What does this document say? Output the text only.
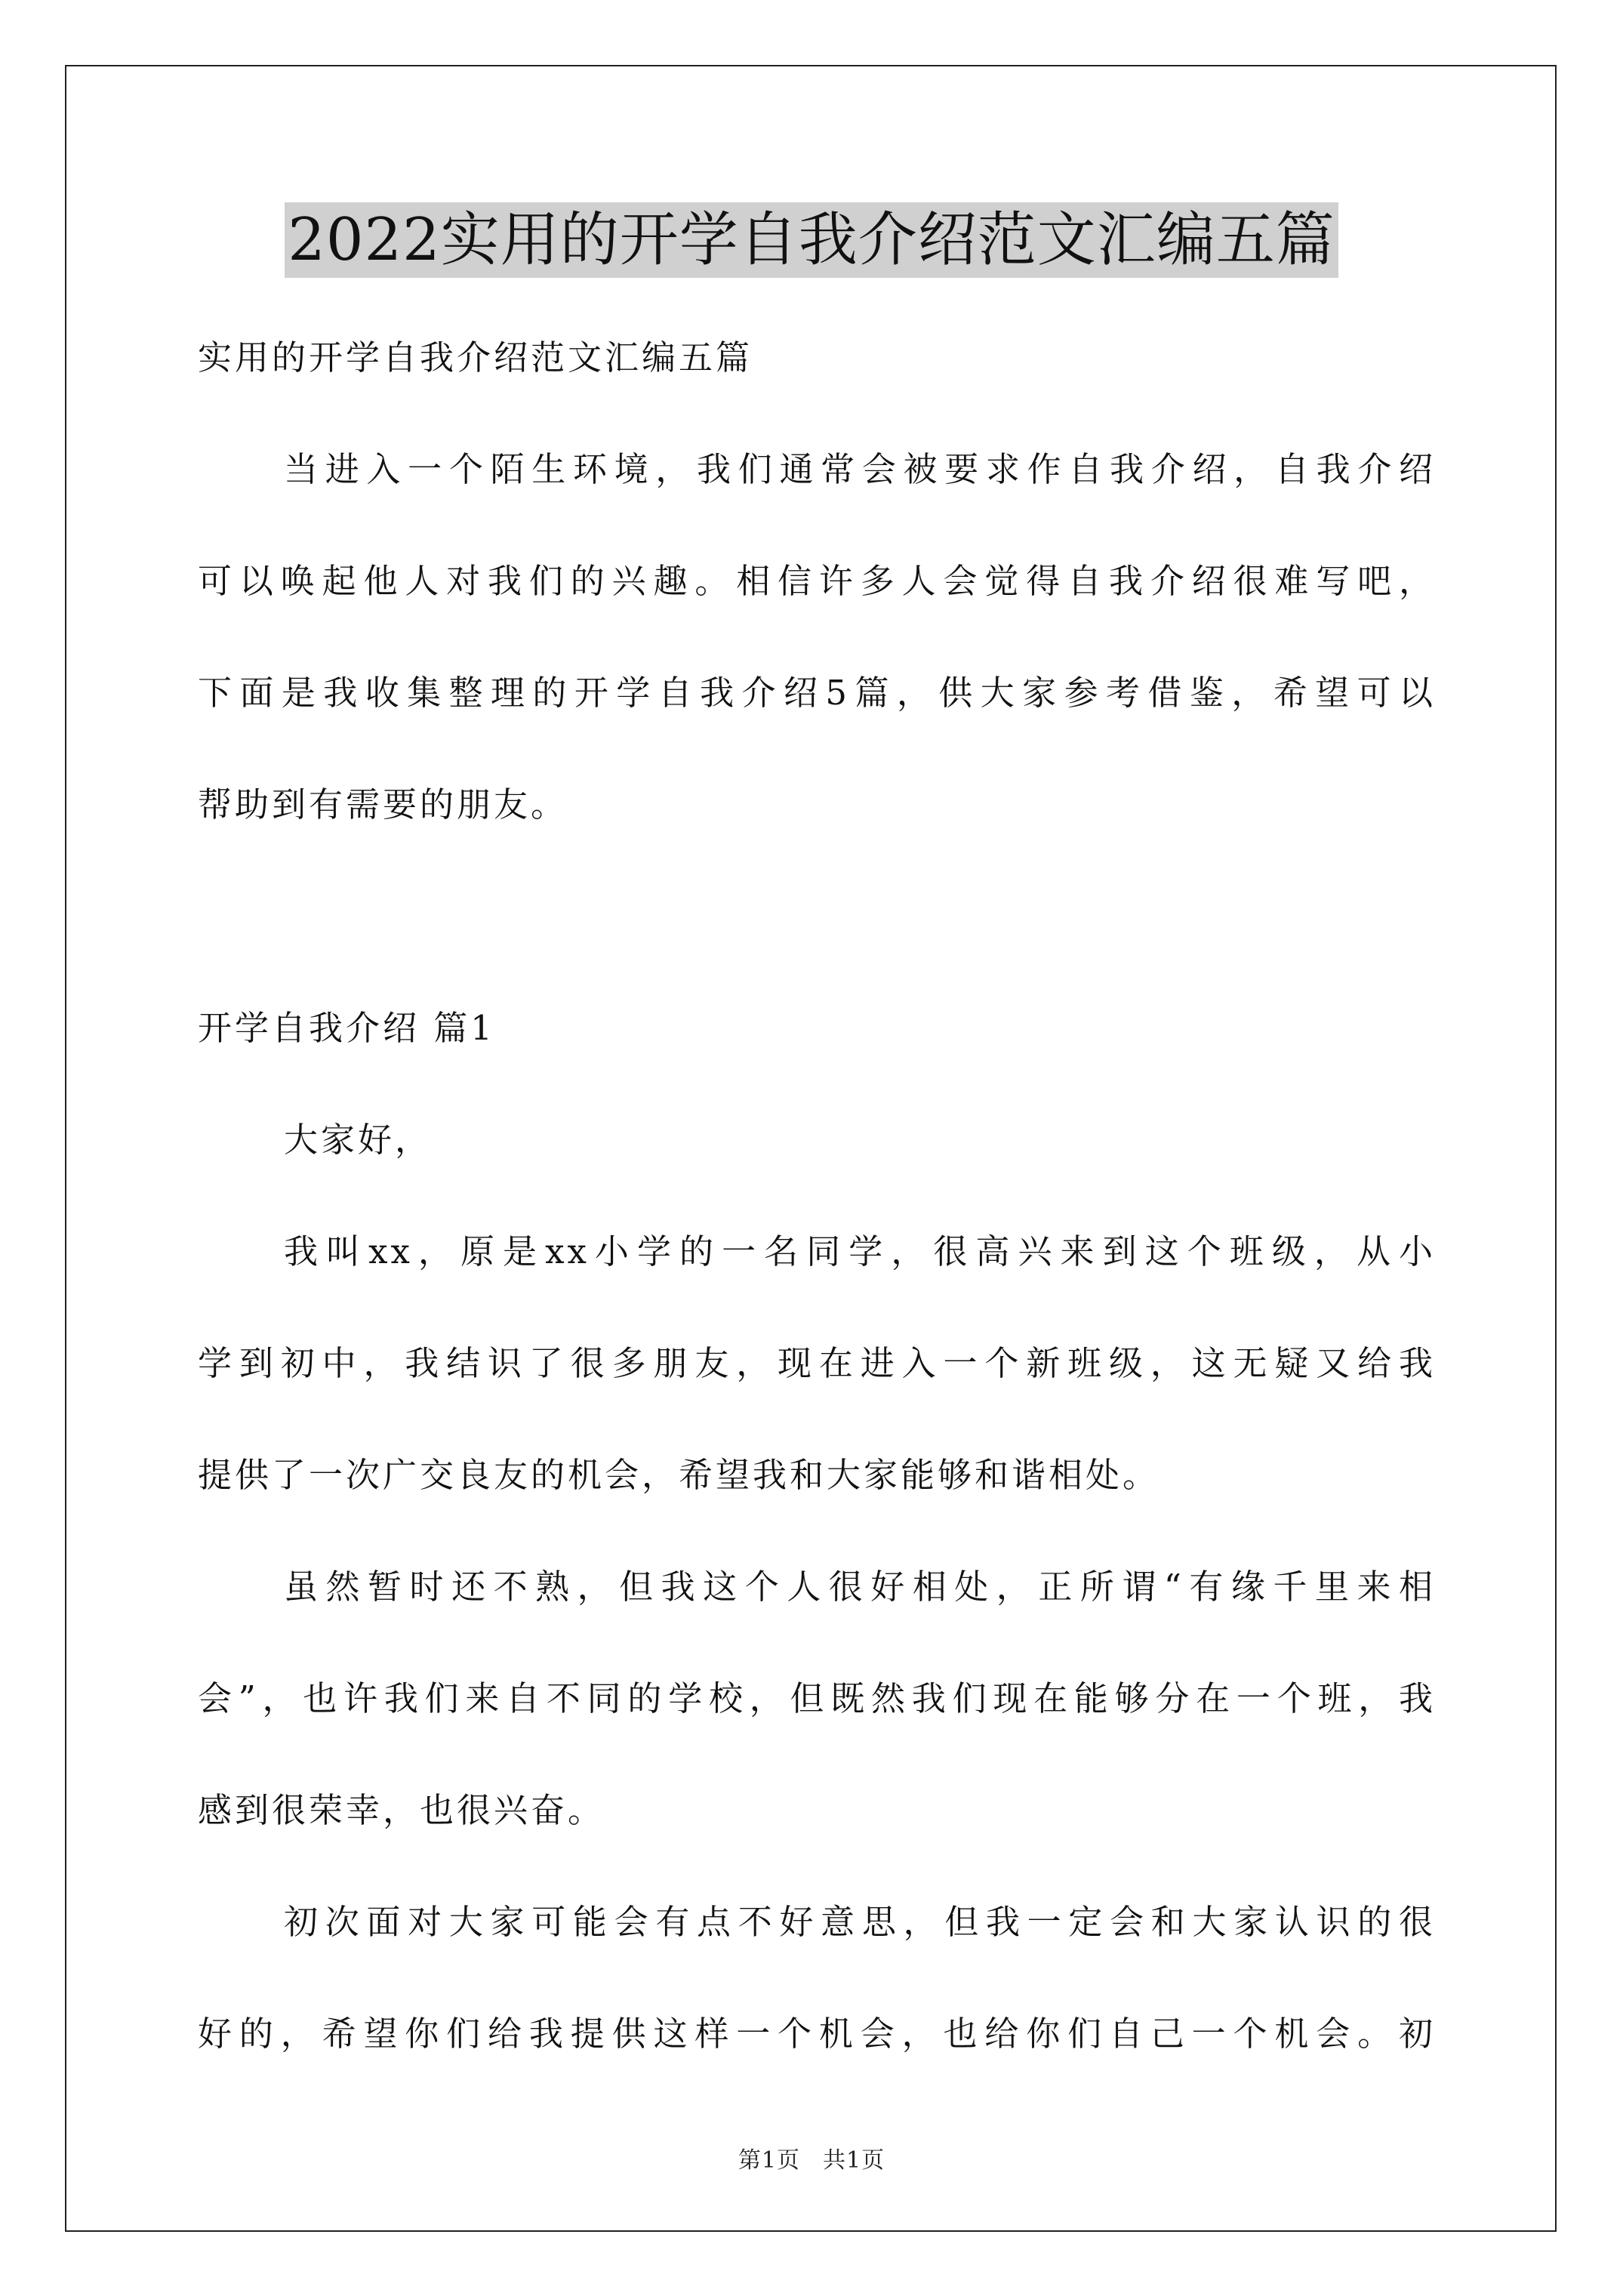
2022实用的开学自我介绍范文汇编五篇
实用的开学自我介绍范文汇编五篇
当进入一个陌生环境，我们通常会被要求作自我介绍，自我介绍
可以唤起他人对我们的兴趣。相信许多人会觉得自我介绍很难写吧，
下面是我收集整理的开学自我介绍5篇，供大家参考借鉴，希望可以
帮助到有需要的朋友。
开学自我介绍 篇1
大家好，
我叫xx，原是xx小学的一名同学，很高兴来到这个班级，从小
学到初中，我结识了很多朋友，现在进入一个新班级，这无疑又给我
提供了一次广交良友的机会，希望我和大家能够和谐相处。
虽然暂时还不熟，但我这个人很好相处，正所谓“有缘千里来相
会”，也许我们来自不同的学校，但既然我们现在能够分在一个班，我
感到很荣幸，也很兴奋。
初次面对大家可能会有点不好意思，但我一定会和大家认识的很
好的，希望你们给我提供这样一个机会，也给你们自己一个机会。初
第1页 共1页
